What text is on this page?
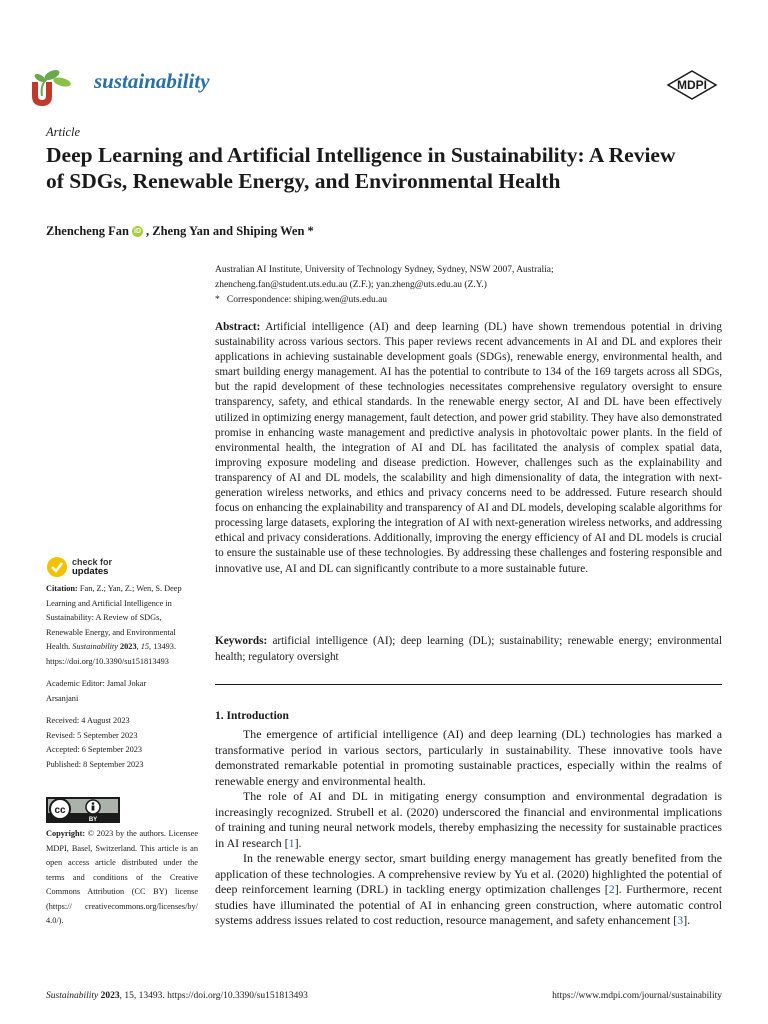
sustainability	MDPI
Article
Deep Learning and Artificial Intelligence in Sustainability: A Review of SDGs, Renewable Energy, and Environmental Health
Zhencheng Fan iD , Zheng Yan and Shiping Wen *
Australian AI Institute, University of Technology Sydney, Sydney, NSW 2007, Australia;
zhencheng.fan@student.uts.edu.au (Z.F.); yan.zheng@uts.edu.au (Z.Y.)
* Correspondence: shiping.wen@uts.edu.au
Abstract: Artificial intelligence (AI) and deep learning (DL) have shown tremendous potential in driving sustainability across various sectors. This paper reviews recent advancements in AI and DL and explores their applications in achieving sustainable development goals (SDGs), renewable energy, environmental health, and smart building energy management. AI has the potential to contribute to 134 of the 169 targets across all SDGs, but the rapid development of these technologies necessitates comprehensive regulatory oversight to ensure transparency, safety, and ethical standards. In the renewable energy sector, AI and DL have been effectively utilized in optimizing energy management, fault detection, and power grid stability. They have also demonstrated promise in enhancing waste management and predictive analysis in photovoltaic power plants. In the field of environmental health, the integration of AI and DL has facilitated the analysis of complex spatial data, improving exposure modeling and disease prediction. However, challenges such as the explainability and transparency of AI and DL models, the scalability and high dimensionality of data, the integration with next-generation wireless networks, and ethics and privacy concerns need to be addressed. Future research should focus on enhancing the explainability and transparency of AI and DL models, developing scalable algorithms for processing large datasets, exploring the integration of AI with next-generation wireless networks, and addressing ethical and privacy considerations. Additionally, improving the energy efficiency of AI and DL models is crucial to ensure the sustainable use of these technologies. By addressing these challenges and fostering responsible and innovative use, AI and DL can significantly contribute to a more sustainable future.
Keywords: artificial intelligence (AI); deep learning (DL); sustainability; renewable energy; environmental health; regulatory oversight
1. Introduction

The emergence of artificial intelligence (AI) and deep learning (DL) technologies has marked a transformative period in various sectors, particularly in sustainability. These innovative tools have demonstrated remarkable potential in promoting sustainable practices, especially within the realms of renewable energy and environmental health.

The role of AI and DL in mitigating energy consumption and environmental degradation is increasingly recognized. Strubell et al. (2020) underscored the financial and environmental implications of training and tuning neural network models, thereby emphasizing the necessity for sustainable practices in AI research [1].

In the renewable energy sector, smart building energy management has greatly benefited from the application of these technologies. A comprehensive review by Yu et al. (2020) highlighted the potential of deep reinforcement learning (DRL) in tackling energy optimization challenges [2]. Furthermore, recent studies have illuminated the potential of AI in enhancing green construction, where automatic control systems address issues related to cost reduction, resource management, and safety enhancement [3].

check for
updates
Citation: Fan, Z.; Yan, Z.; Wen, S. Deep Learning and Artificial Intelligence in Sustainability: A Review of SDGs, Renewable Energy, and Environmental Health. Sustainability 2023, 15, 13493. https://doi.org/10.3390/su151813493
Academic Editor: Jamal Jokar
Arsanjani
Received: 4 August 2023
Revised: 5 September 2023
Accepted: 6 September 2023
Published: 8 September 2023
cc
BY
Copyright: © 2023 by the authors. Licensee MDPI, Basel, Switzerland. This article is an open access article distributed under the terms and conditions of the Creative Commons Attribution (CC BY) license (https:// creativecommons.org/licenses/by/ 4.0/).
Sustainability 2023, 15, 13493. https://doi.org/10.3390/su151813493	https://www.mdpi.com/journal/sustainability
